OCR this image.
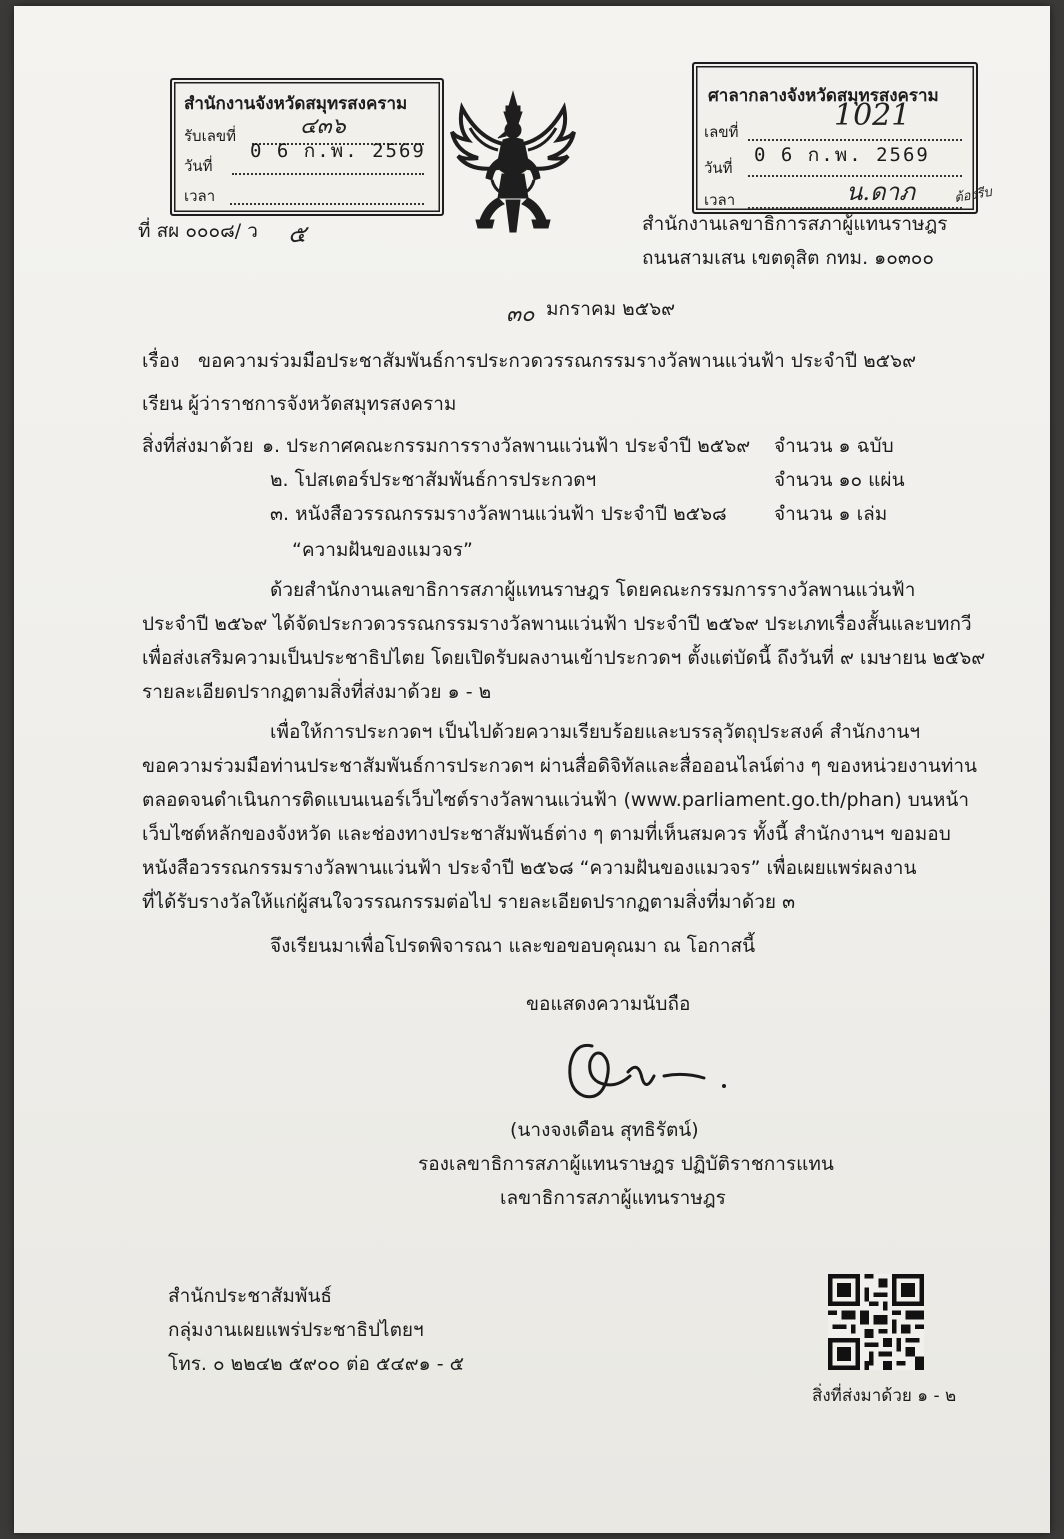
สำนักงานจังหวัดสมุทรสงคราม
รับเลขที่	๔๓๖
วันที่
0 6 ก.พ. 2569
เวลา
ศาลากลางจังหวัดสมุทรสงคราม
เลขที่	1021
วันที่
0 6 ก.พ. 2569
เวลา	น.ดาภ	ต้องรีบ
ที่ สผ ๐๐๐๘/ ว ๕	สำนักงานเลขาธิการสภาผู้แทนราษฎร
ถนนสามเสน เขตดุสิต กทม. ๑๐๓๐๐
๓๐ มกราคม ๒๕๖๙
เรื่อง ขอความร่วมมือประชาสัมพันธ์การประกวดวรรณกรรมรางวัลพานแว่นฟ้า ประจำปี ๒๕๖๙
เรียน ผู้ว่าราชการจังหวัดสมุทรสงคราม
สิ่งที่ส่งมาด้วย ๑. ประกาศคณะกรรมการรางวัลพานแว่นฟ้า ประจำปี ๒๕๖๙ จำนวน ๑ ฉบับ
๒. โปสเตอร์ประชาสัมพันธ์การประกวดฯ	จำนวน ๑๐ แผ่น
๓. หนังสือวรรณกรรมรางวัลพานแว่นฟ้า ประจำปี ๒๕๖๘ จำนวน ๑ เล่ม
“ความฝันของแมวจร”
ด้วยสำนักงานเลขาธิการสภาผู้แทนราษฎร โดยคณะกรรมการรางวัลพานแว่นฟ้า
ประจำปี ๒๕๖๙ ได้จัดประกวดวรรณกรรมรางวัลพานแว่นฟ้า ประจำปี ๒๕๖๙ ประเภทเรื่องสั้นและบทกวี
เพื่อส่งเสริมความเป็นประชาธิปไตย โดยเปิดรับผลงานเข้าประกวดฯ ตั้งแต่บัดนี้ ถึงวันที่ ๙ เมษายน ๒๕๖๙
รายละเอียดปรากฏตามสิ่งที่ส่งมาด้วย ๑ - ๒
เพื่อให้การประกวดฯ เป็นไปด้วยความเรียบร้อยและบรรลุวัตถุประสงค์ สำนักงานฯ
ขอความร่วมมือท่านประชาสัมพันธ์การประกวดฯ ผ่านสื่อดิจิทัลและสื่อออนไลน์ต่าง ๆ ของหน่วยงานท่าน
ตลอดจนดำเนินการติดแบนเนอร์เว็บไซต์รางวัลพานแว่นฟ้า (www.parliament.go.th/phan) บนหน้า
เว็บไซต์หลักของจังหวัด และช่องทางประชาสัมพันธ์ต่าง ๆ ตามที่เห็นสมควร ทั้งนี้ สำนักงานฯ ขอมอบ
หนังสือวรรณกรรมรางวัลพานแว่นฟ้า ประจำปี ๒๕๖๘ “ความฝันของแมวจร” เพื่อเผยแพร่ผลงาน
ที่ได้รับรางวัลให้แก่ผู้สนใจวรรณกรรมต่อไป รายละเอียดปรากฏตามสิ่งที่มาด้วย ๓
จึงเรียนมาเพื่อโปรดพิจารณา และขอขอบคุณมา ณ โอกาสนี้
ขอแสดงความนับถือ
(นางจงเดือน สุทธิรัตน์)
รองเลขาธิการสภาผู้แทนราษฎร ปฏิบัติราชการแทน
เลขาธิการสภาผู้แทนราษฎร
สำนักประชาสัมพันธ์
กลุ่มงานเผยแพร่ประชาธิปไตยฯ
โทร. ๐ ๒๒๔๒ ๕๙๐๐ ต่อ ๕๔๙๑ - ๕
สิ่งที่ส่งมาด้วย ๑ - ๒
